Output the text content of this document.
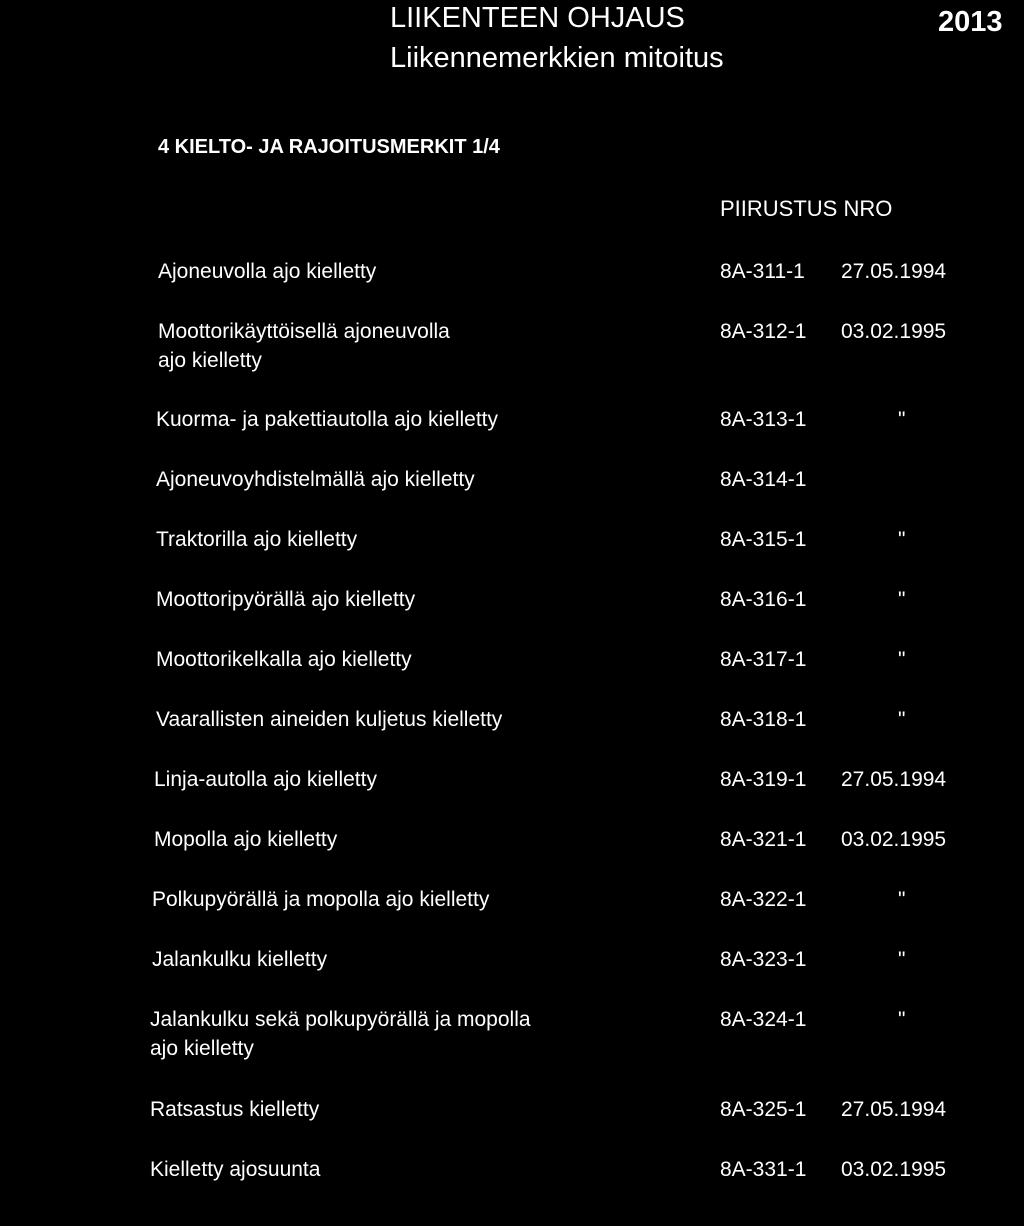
LIIKENTEEN OHJAUS
Liikennemerkkien mitoitus
2013
4 KIELTO- JA RAJOITUSMERKIT 1/4
PIIRUSTUS NRO
Ajoneuvolla ajo kielletty	8A-311-1 27.05.1994
Moottorikäyttöisellä ajoneuvolla
ajo kielletty
8A-312-1 03.02.1995
Kuorma- ja pakettiautolla ajo kielletty	8A-313-1	"
Ajoneuvoyhdistelmällä ajo kielletty	8A-314-1
Traktorilla ajo kielletty	8A-315-1	"
Moottoripyörällä ajo kielletty	8A-316-1	"
Moottorikelkalla ajo kielletty	8A-317-1	"
Vaarallisten aineiden kuljetus kielletty	8A-318-1	"
Linja-autolla ajo kielletty	8A-319-1 27.05.1994
Mopolla ajo kielletty	8A-321-1 03.02.1995
Polkupyörällä ja mopolla ajo kielletty	8A-322-1	"
Jalankulku kielletty	8A-323-1	"
Jalankulku sekä polkupyörällä ja mopolla
ajo kielletty
8A-324-1	"
Ratsastus kielletty	8A-325-1 27.05.1994
Kielletty ajosuunta	8A-331-1 03.02.1995
